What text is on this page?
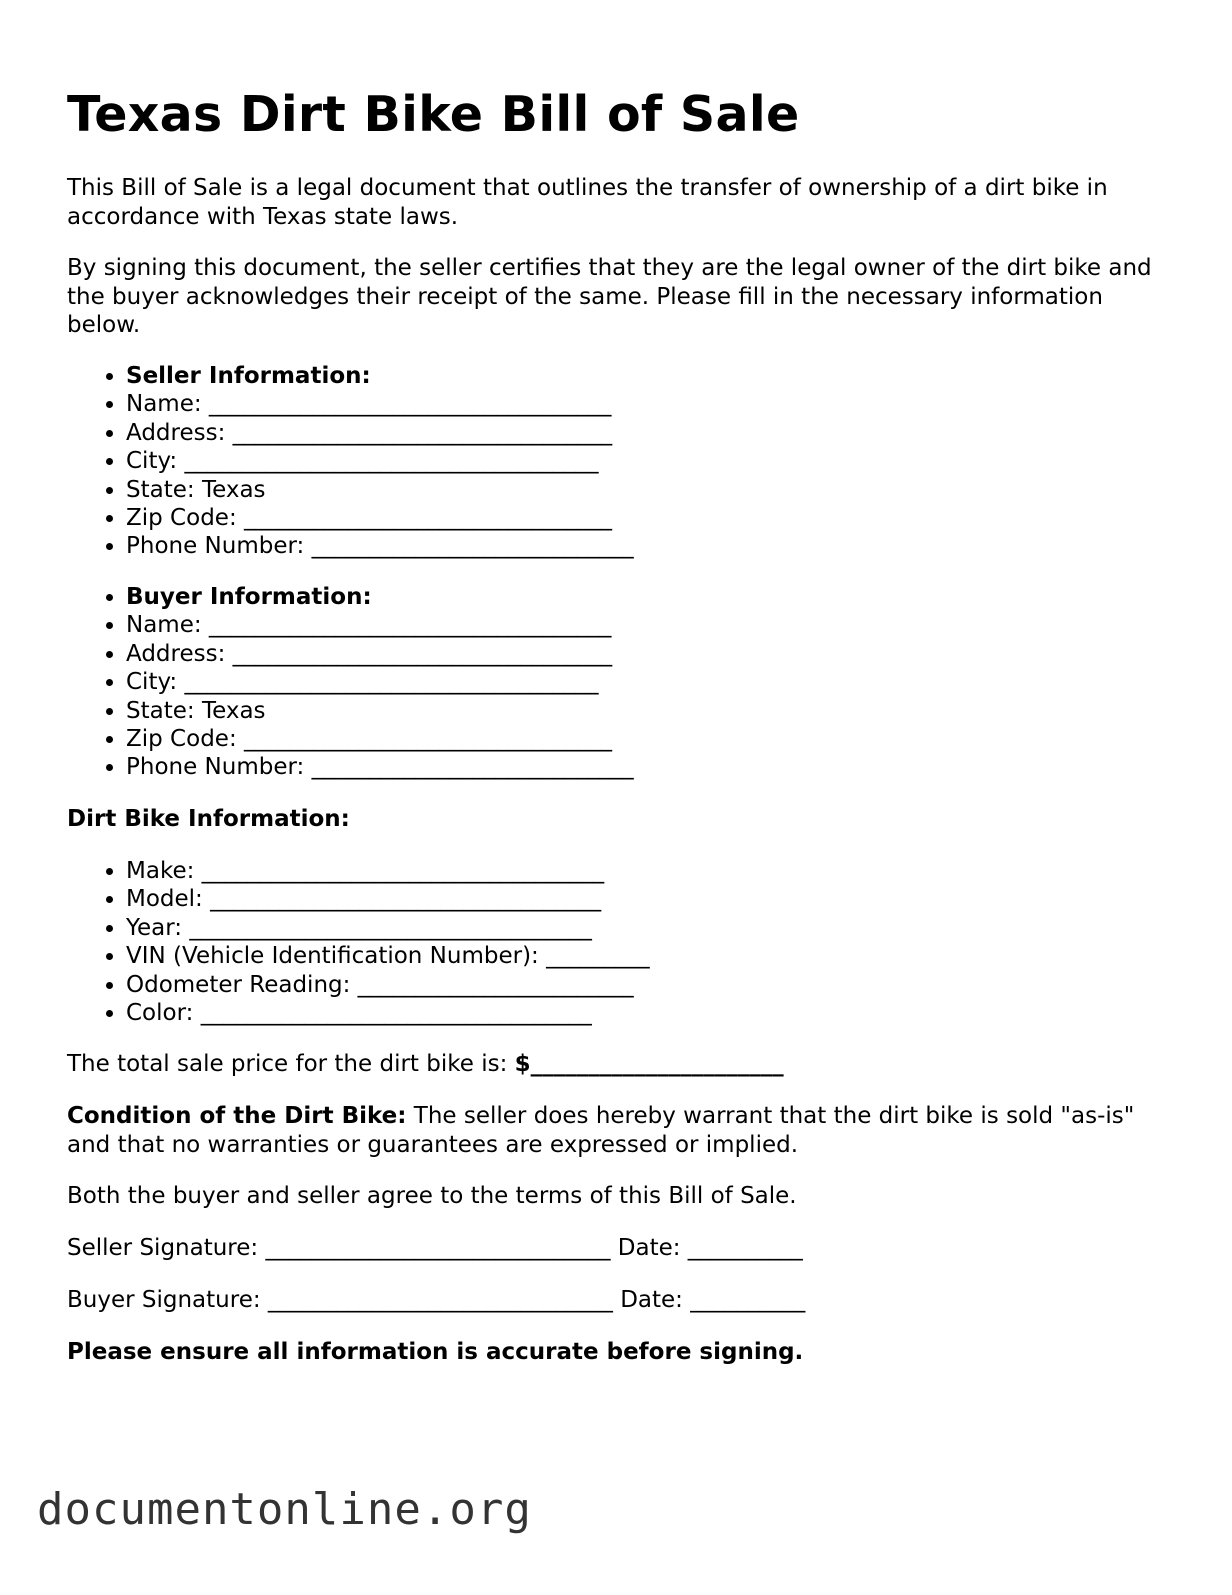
Texas Dirt Bike Bill of Sale

This Bill of Sale is a legal document that outlines the transfer of ownership of a dirt bike in accordance with Texas state laws.

By signing this document, the seller certifies that they are the legal owner of the dirt bike and the buyer acknowledges their receipt of the same. Please fill in the necessary information below.

• Seller Information:
• Name: ___________________________________
• Address: _________________________________
• City: ____________________________________
• State: Texas
• Zip Code: ________________________________
• Phone Number: ____________________________
• Buyer Information:
• Name: ___________________________________
• Address: _________________________________
• City: ____________________________________
• State: Texas
• Zip Code: ________________________________
• Phone Number: ____________________________

Dirt Bike Information:

• Make: ___________________________________
• Model: __________________________________
• Year: ___________________________________
• VIN (Vehicle Identification Number): _________
• Odometer Reading: ________________________
• Color: __________________________________

The total sale price for the dirt bike is: $______________________

Condition of the Dirt Bike: The seller does hereby warrant that the dirt bike is sold "as-is" and that no warranties or guarantees are expressed or implied.

Both the buyer and seller agree to the terms of this Bill of Sale.

Seller Signature: ______________________________ Date: __________

Buyer Signature: ______________________________ Date: __________

Please ensure all information is accurate before signing.

documentonline.org
